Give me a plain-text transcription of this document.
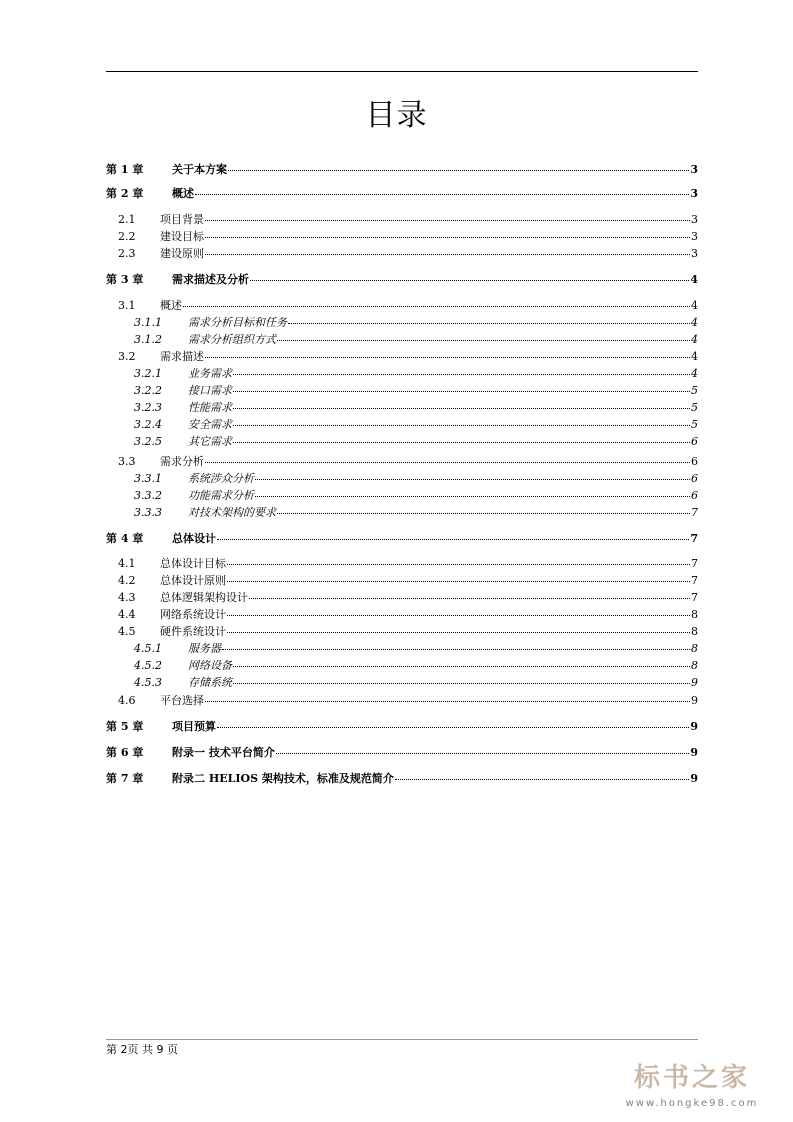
目录
第 1 章	关于本方案	3
第 2 章	概述	3
2.1	项目背景	3
2.2	建设目标	3
2.3	建设原则	3
第 3 章	需求描述及分析	4
3.1	概述	4
3.1.1	需求分析目标和任务	4
3.1.2	需求分析组织方式	4
3.2	需求描述	4
3.2.1	业务需求	4
3.2.2	接口需求	5
3.2.3	性能需求	5
3.2.4	安全需求	5
3.2.5	其它需求	6
3.3	需求分析	6
3.3.1	系统涉众分析	6
3.3.2	功能需求分析	6
3.3.3	对技术架构的要求	7
第 4 章	总体设计	7
4.1	总体设计目标	7
4.2	总体设计原则	7
4.3	总体逻辑架构设计	7
4.4	网络系统设计	8
4.5	硬件系统设计	8
4.5.1	服务器	8
4.5.2	网络设备	8
4.5.3	存储系统	9
4.6	平台选择	9
第 5 章	项目预算	9
第 6 章	附录一 技术平台简介	9
第 7 章	附录二 HELIOS 架构技术，标准及规范简介	9
第 2页 共 9 页
标书之家
www.hongke98.com
